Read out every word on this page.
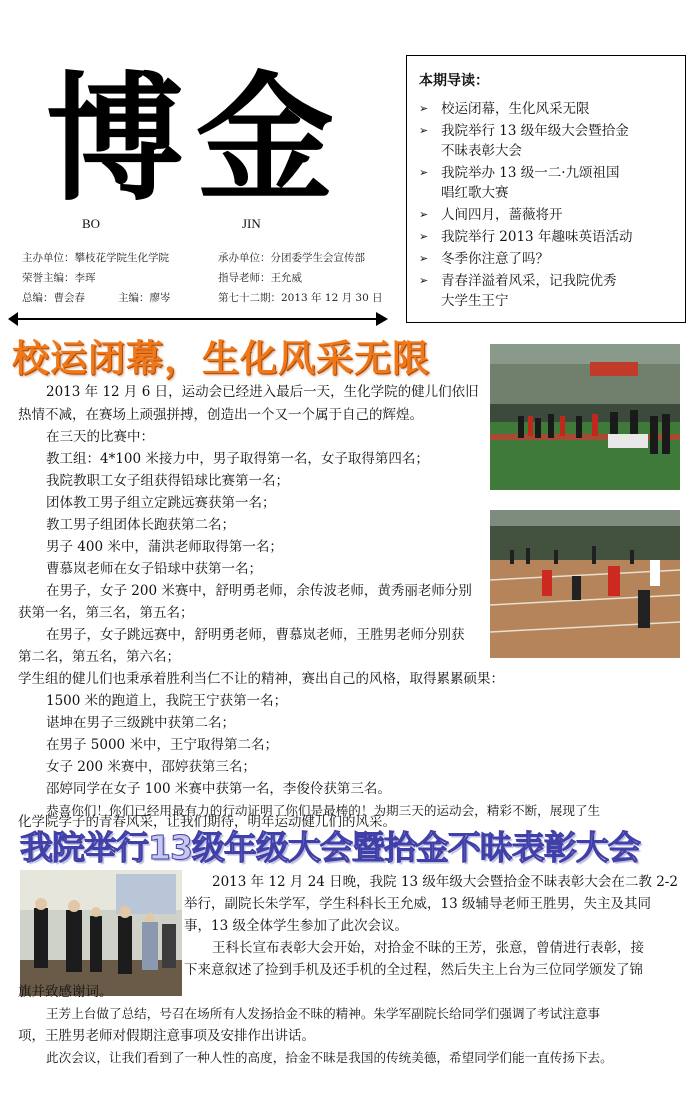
博 金
BO	JIN
主办单位：攀枝花学院生化学院	承办单位：分团委学生会宣传部
荣誉主编：李珲	指导老师：王允威
总编：曹会春	主编：廖岑	第七十二期：2013 年 12 月 30 日
本期导读：
➢ 校运闭幕，生化风采无限
➢ 我院举行 13 级年级大会暨拾金
不昧表彰大会
➢ 我院举办 13 级一二·九颂祖国
唱红歌大赛
➢ 人间四月，蔷薇将开
➢ 我院举行 2013 年趣味英语活动
➢ 冬季你注意了吗？
➢ 青春洋溢着风采，记我院优秀
大学生王宁
校运闭幕，生化风采无限
2013 年 12 月 6 日，运动会已经进入最后一天，生化学院的健儿们依旧
热情不减，在赛场上顽强拼搏，创造出一个又一个属于自己的辉煌。
在三天的比赛中：
教工组：4*100 米接力中，男子取得第一名，女子取得第四名；
我院教职工女子组获得铅球比赛第一名；
团体教工男子组立定跳远赛获第一名；
教工男子组团体长跑获第二名；
男子 400 米中，蒲洪老师取得第一名；
曹慕岚老师在女子铅球中获第一名；
在男子，女子 200 米赛中，舒明勇老师，余传波老师，黄秀丽老师分别
获第一名，第三名，第五名；
在男子，女子跳远赛中，舒明勇老师，曹慕岚老师，王胜男老师分别获
第二名，第五名，第六名；
学生组的健儿们也秉承着胜利当仁不让的精神，赛出自己的风格，取得累累硕果：
1500 米的跑道上，我院王宁获第一名；
谌坤在男子三级跳中获第二名；
在男子 5000 米中，王宁取得第二名；
女子 200 米赛中，邵婷获第三名；
邵婷同学在女子 100 米赛中获第一名，李俊伶获第三名。
恭喜你们！你们已经用最有力的行动证明了你们是最棒的！为期三天的运动会，精彩不断，展现了生
化学院学子的青春风采，让我们期待，明年运动健儿们的风采。
我院举行13级年级大会暨拾金不昧表彰大会
2013 年 12 月 24 日晚，我院 13 级年级大会暨拾金不昧表彰大会在二教 2-2
举行，副院长朱学军，学生科科长王允威，13 级辅导老师王胜男，失主及其同
事，13 级全体学生参加了此次会议。
王科长宣布表彰大会开始，对拾金不昧的王芳，张意，曾倩进行表彰，接
下来意叙述了捡到手机及还手机的全过程，然后失主上台为三位同学颁发了锦
旗并致感谢词。
王芳上台做了总结，号召在场所有人发扬拾金不昧的精神。朱学军副院长给同学们强调了考试注意事
项，王胜男老师对假期注意事项及安排作出讲话。
此次会议，让我们看到了一种人性的高度，拾金不昧是我国的传统美德，希望同学们能一直传扬下去。
